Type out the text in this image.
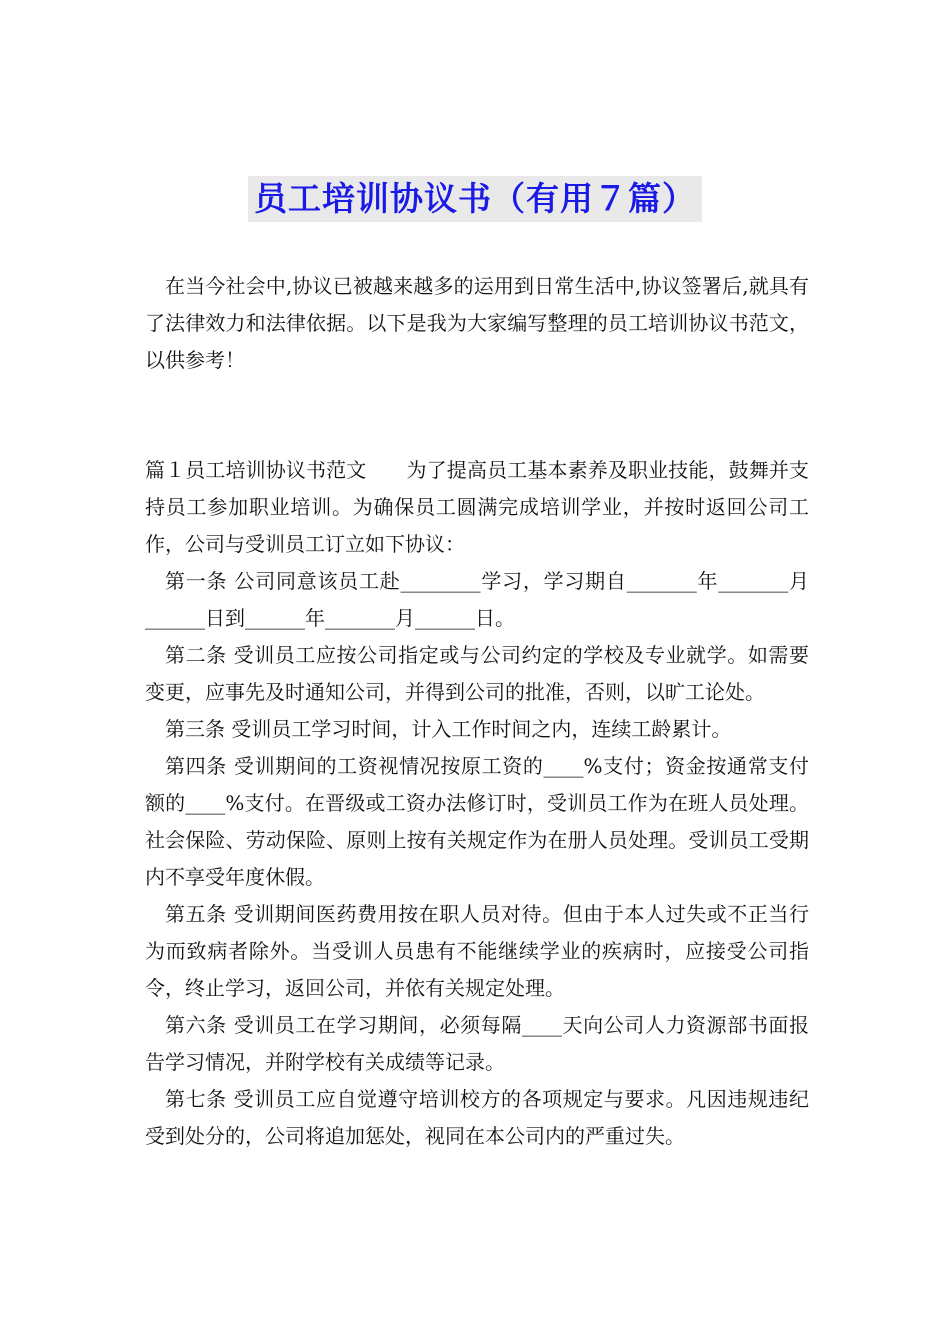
员工培训协议书（有用７篇）

在当今社会中,协议已被越来越多的运用到日常生活中,协议签署后,就具有了法律效力和法律依据。以下是我为大家编写整理的员工培训协议书范文，以供参考！

篇１员工培训协议书范文   为了提高员工基本素养及职业技能，鼓舞并支持员工参加职业培训。为确保员工圆满完成培训学业，并按时返回公司工作，公司与受训员工订立如下协议：

第一条 公司同意该员工赴________学习，学习期自_______年_______月______日到______年_______月______日。

第二条 受训员工应按公司指定或与公司约定的学校及专业就学。如需要变更，应事先及时通知公司，并得到公司的批准，否则，以旷工论处。

第三条 受训员工学习时间，计入工作时间之内，连续工龄累计。

第四条 受训期间的工资视情况按原工资的____%支付；资金按通常支付额的____%支付。在晋级或工资办法修订时，受训员工作为在班人员处理。社会保险、劳动保险、原则上按有关规定作为在册人员处理。受训员工受期内不享受年度休假。

第五条 受训期间医药费用按在职人员对待。但由于本人过失或不正当行为而致病者除外。当受训人员患有不能继续学业的疾病时，应接受公司指令，终止学习，返回公司，并依有关规定处理。

第六条 受训员工在学习期间，必须每隔____天向公司人力资源部书面报告学习情况，并附学校有关成绩等记录。

第七条 受训员工应自觉遵守培训校方的各项规定与要求。凡因违规违纪受到处分的，公司将追加惩处，视同在本公司内的严重过失。
